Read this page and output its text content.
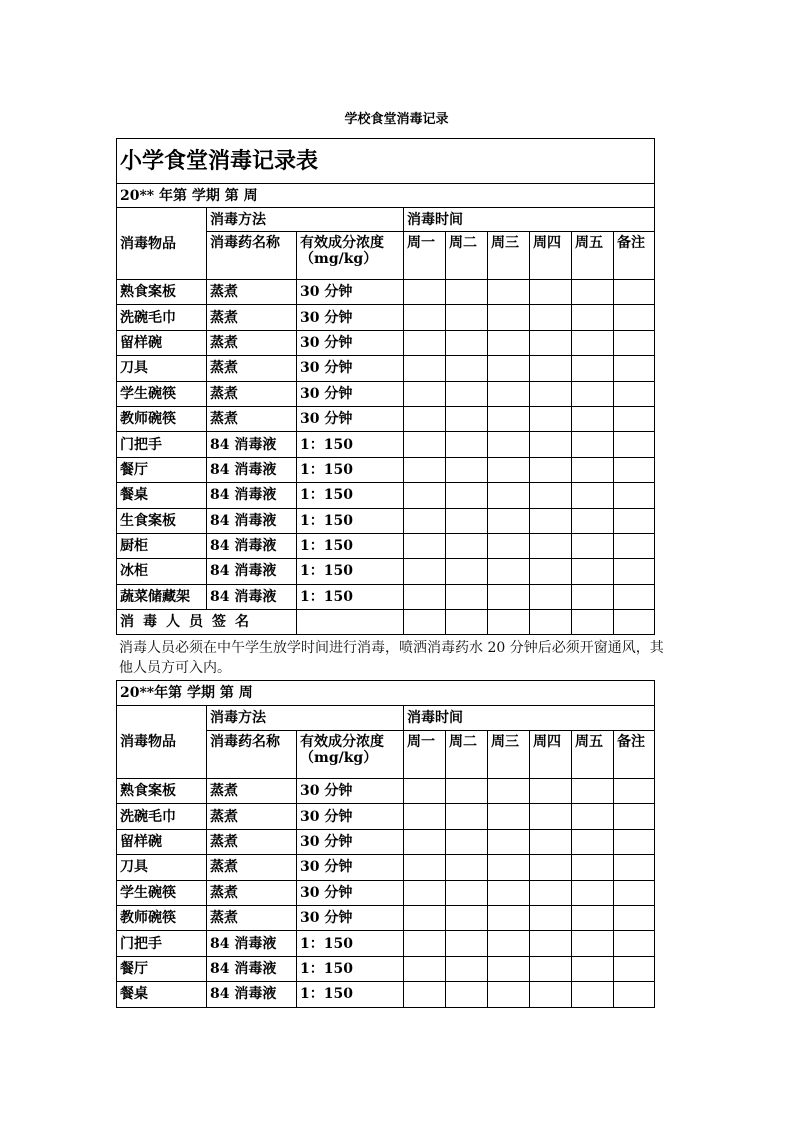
学校食堂消毒记录
小学食堂消毒记录表								
20** 年第 学期 第 周								
消毒物品	消毒方法		消毒时间					
	消毒药名称	有效成分浓度（mg/kg）	周一	周二	周三	周四	周五	备注
熟食案板	蒸煮	30 分钟						
洗碗毛巾	蒸煮	30 分钟						
留样碗	蒸煮	30 分钟						
刀具	蒸煮	30 分钟						
学生碗筷	蒸煮	30 分钟						
教师碗筷	蒸煮	30 分钟						
门把手	84 消毒液	1：150						
餐厅	84 消毒液	1：150						
餐桌	84 消毒液	1：150						
生食案板	84 消毒液	1：150						
厨柜	84 消毒液	1：150						
冰柜	84 消毒液	1：150						
蔬菜储藏架	84 消毒液	1：150						
消毒人员签名								
消毒人员必须在中午学生放学时间进行消毒，喷洒消毒药水 20 分钟后必须开窗通风，其他人员方可入内。
20**年第 学期 第 周								
消毒物品	消毒方法		消毒时间					
	消毒药名称	有效成分浓度（mg/kg）	周一	周二	周三	周四	周五	备注
熟食案板	蒸煮	30 分钟						
洗碗毛巾	蒸煮	30 分钟						
留样碗	蒸煮	30 分钟						
刀具	蒸煮	30 分钟						
学生碗筷	蒸煮	30 分钟						
教师碗筷	蒸煮	30 分钟						
门把手	84 消毒液	1：150						
餐厅	84 消毒液	1：150						
餐桌	84 消毒液	1：150						
